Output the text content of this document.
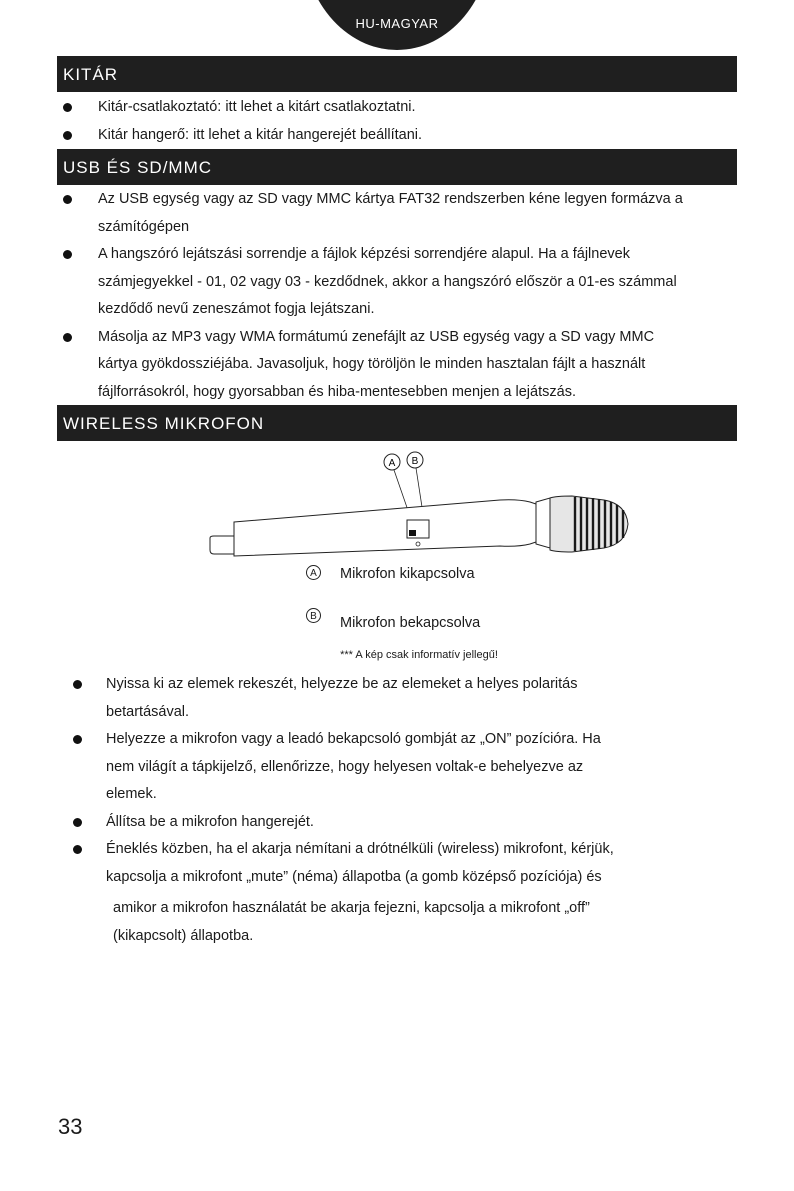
HU-MAGYAR
KITÁR
Kitár-csatlakoztató: itt lehet a kitárt csatlakoztatni.
Kitár hangerő: itt lehet a kitár hangerejét beállítani.
USB ÉS SD/MMC
Az USB egység vagy az SD vagy MMC kártya FAT32 rendszerben kéne legyen formázva a
számítógépen
A hangszóró lejátszási sorrendje a fájlok képzési sorrendjére alapul. Ha a fájlnevek
számjegyekkel - 01, 02 vagy 03 - kezdődnek, akkor a hangszóró először a 01-es számmal
kezdődő nevű zeneszámot fogja lejátszani.
Másolja az MP3 vagy WMA formátumú zenefájlt az USB egység vagy a SD vagy MMC
kártya gyökdossziéjába. Javasoljuk, hogy töröljön le minden hasztalan fájlt a használt
fájlforrásokról, hogy gyorsabban és hiba-mentesebben menjen a lejátszás.
WIRELESS MIKROFON
A B
A Mikrofon kikapcsolva
B Mikrofon bekapcsolva
*** A kép csak informatív jellegű!
Nyissa ki az elemek rekeszét, helyezze be az elemeket a helyes polaritás
betartásával.
Helyezze a mikrofon vagy a leadó bekapcsoló gombját az „ON” pozícióra. Ha
nem világít a tápkijelző, ellenőrizze, hogy helyesen voltak-e behelyezve az
elemek.
Állítsa be a mikrofon hangerejét.
Éneklés közben, ha el akarja némítani a drótnélküli (wireless) mikrofont, kérjük,
kapcsolja a mikrofont „mute” (néma) állapotba (a gomb középső pozíciója) és
amikor a mikrofon használatát be akarja fejezni, kapcsolja a mikrofont „off”
(kikapcsolt) állapotba.
33
